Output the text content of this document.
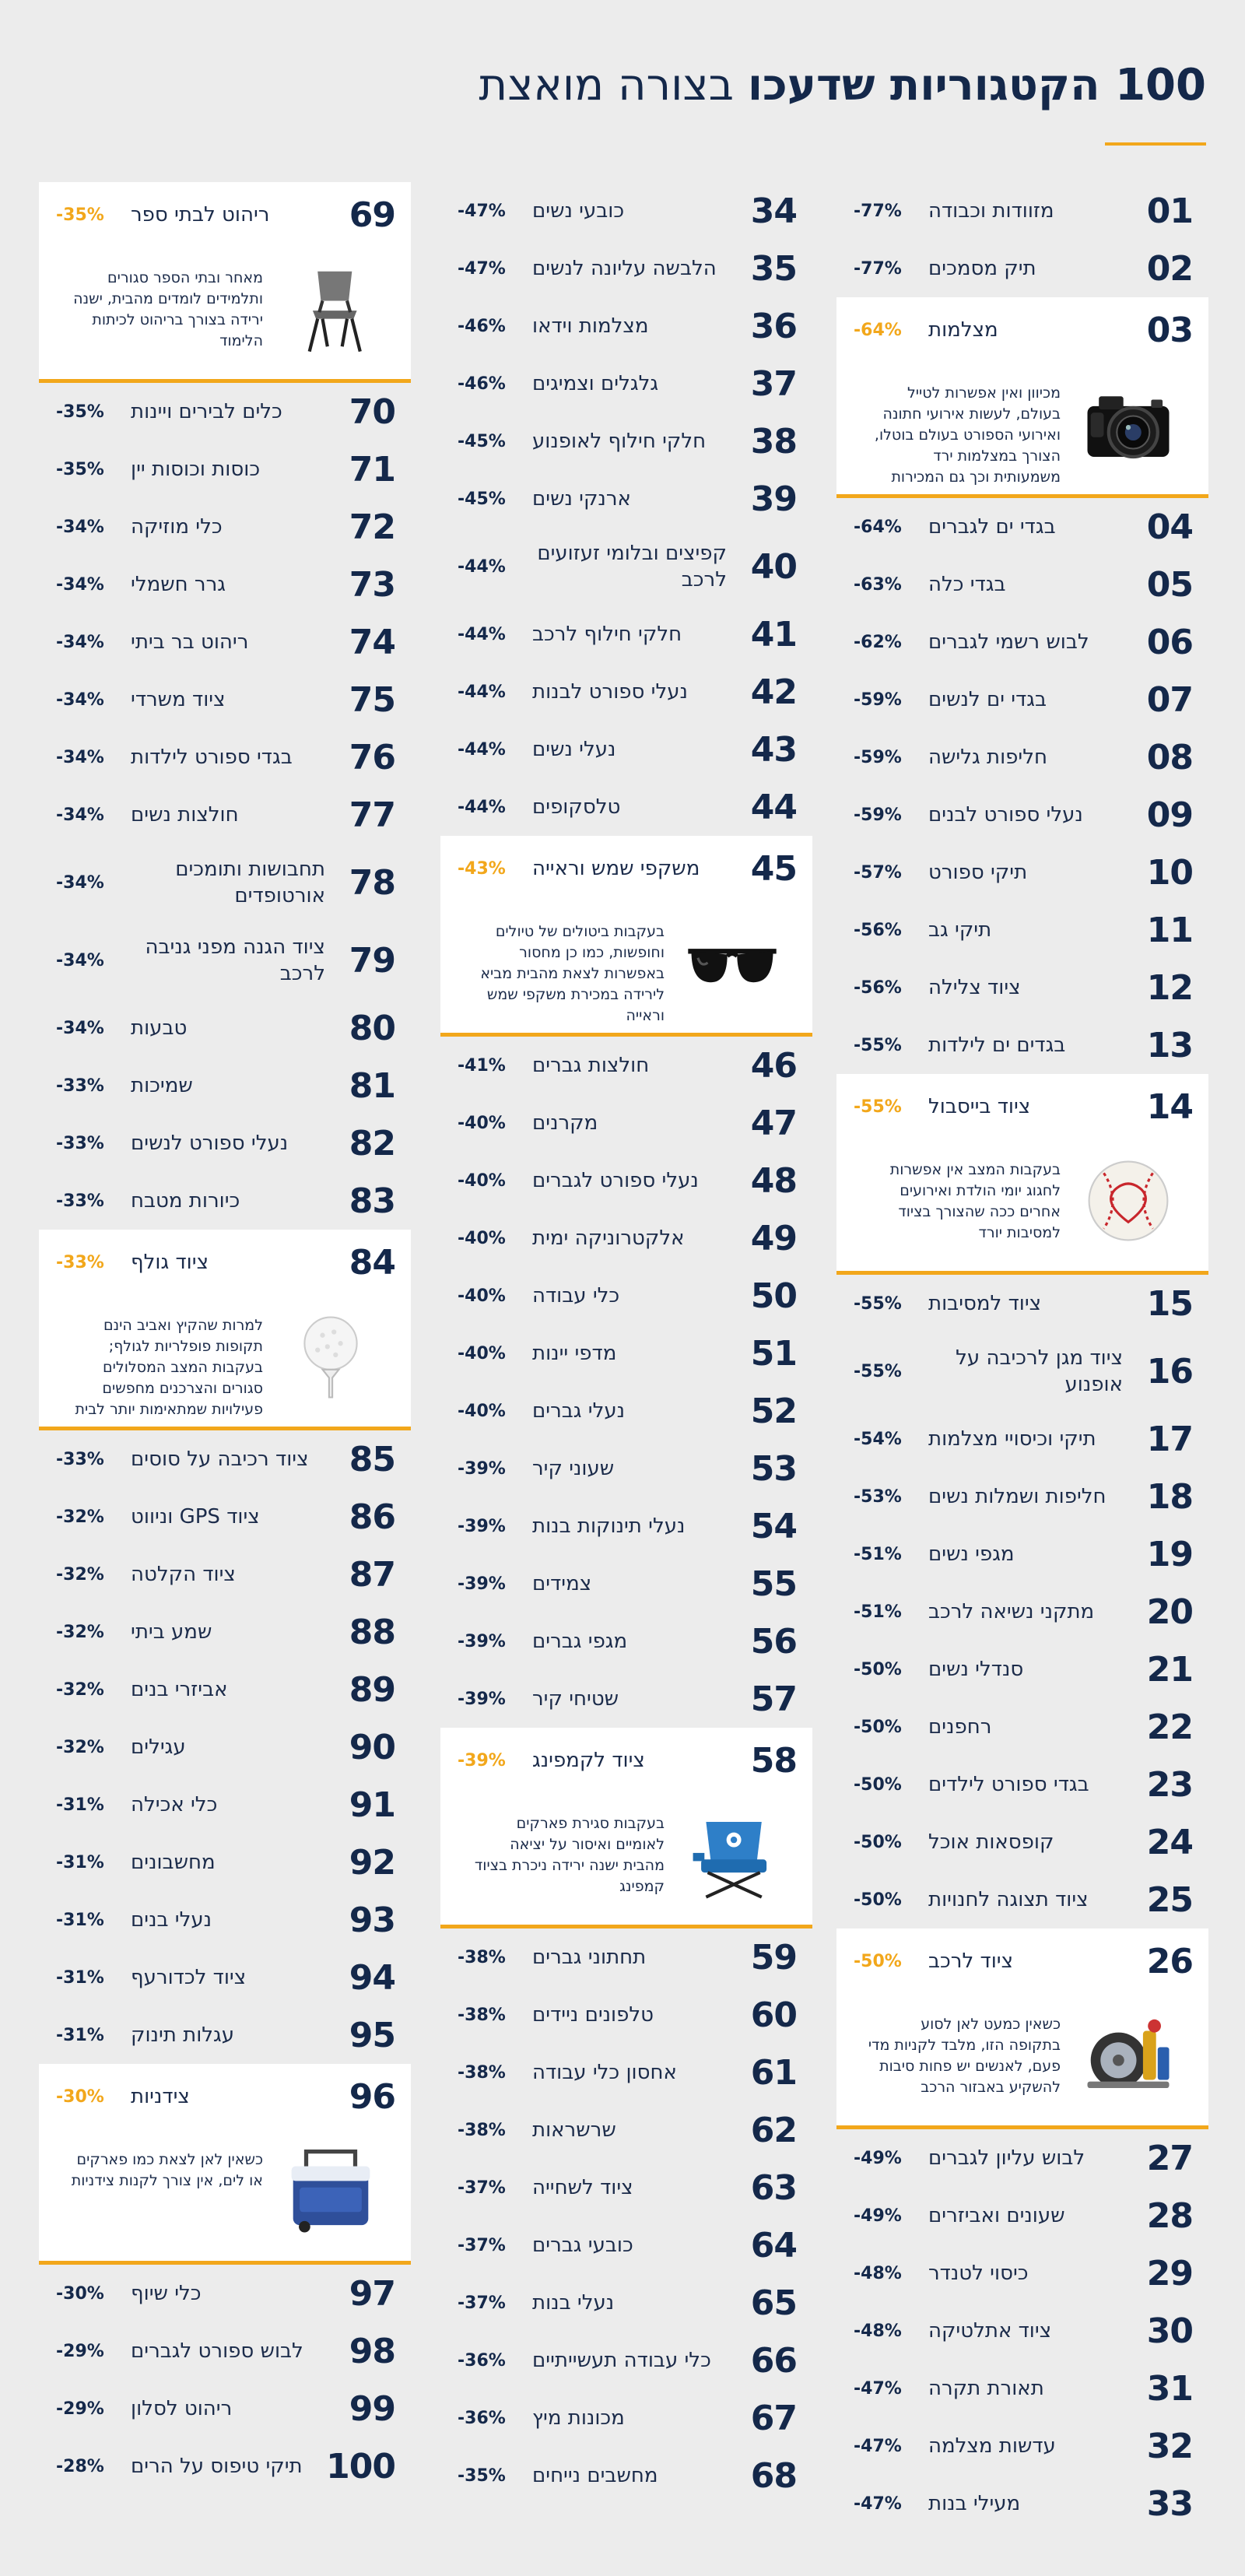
100 הקטגוריות שדעכו בצורה מואצת
01
מזוודות וכבודה
-77%
02
תיק מסמכים
-77%
03
מצלמות
-64%
מכיוון ואין אפשרות לטייל בעולם, לעשות אירועי חתונה ואירועי הספורט בעולם בוטלו, הצורך במצלמות ירד משמעותית וכך גם המכירות
04
בגדי ים לגברים
-64%
05
בגדי כלה
-63%
06
לבוש רשמי לגברים
-62%
07
בגדי ים לנשים
-59%
08
חליפות גלישה
-59%
09
נעלי ספורט לבנים
-59%
10
תיקי ספורט
-57%
11
תיקי גב
-56%
12
ציוד צלילה
-56%
13
בגדים ים לילדות
-55%
14
ציוד בייסבול
-55%
בעקבות המצב אין אפשרות לחגוג יומי הולדת ואירועים אחרים ככה שהצורך בציוד למסיבות יורד
15
ציוד למסיבות
-55%
16
ציוד מגן לרכיבה על אופנוע
-55%
17
תיקי וכיסויי מצלמות
-54%
18
חליפות ושמלות נשים
-53%
19
מגפי נשים
-51%
20
מתקני נשיאה לרכב
-51%
21
סנדלי נשים
-50%
22
רחפנים
-50%
23
בגדי ספורט לילדים
-50%
24
קופסאות אוכל
-50%
25
ציוד תצוגה לחנויות
-50%
26
ציוד לרכב
-50%
כשאין כמעט לאן לסוע בתקופה הזו, מלבד לקניות מדי פעם, לאנשים יש פחות סיבות להשקיע באבזור הרכב
27
לבוש עליון לגברים
-49%
28
שעונים ואביזרים
-49%
29
כיסוי לטנדר
-48%
30
ציוד אתלטיקה
-48%
31
תאורת תקרה
-47%
32
עדשות מצלמה
-47%
33
מעילי בנות
-47%
34
כובעי נשים
-47%
35
הלבשה עליונה לנשים
-47%
36
מצלמות וידאו
-46%
37
גלגלים וצמיגים
-46%
38
חלקי חילוף לאופנוע
-45%
39
ארנקי נשים
-45%
40
קפיצים ובלומי זעזועים לרכב
-44%
41
חלקי חילוף לרכב
-44%
42
נעלי ספורט לבנות
-44%
43
נעלי נשים
-44%
44
טלסקופים
-44%
45
משקפי שמש וראייה
-43%
בעקבות ביטולים של טיולים וחופשות, כמו כן מחסור באפשרות לצאת מהבית מביא לירידה במכירת משקפי שמש וראייה
46
חולצות גברים
-41%
47
מקרנים
-40%
48
נעלי ספורט לגברים
-40%
49
אלקטרוניקה ימית
-40%
50
כלי עבודה
-40%
51
מדפי יינות
-40%
52
נעלי גברים
-40%
53
שעוני קיר
-39%
54
נעלי תינוקות בנות
-39%
55
צמידים
-39%
56
מגפי גברים
-39%
57
שטיחי קיר
-39%
58
ציוד לקמפינג
-39%
בעקבות סגירת פארקים לאומיים ואיסור על יציאה מהבית ישנה ירידה ניכרת בציוד קמפינג
59
תחתוני גברים
-38%
60
טלפונים ניידים
-38%
61
אחסון כלי עבודה
-38%
62
שרשראות
-38%
63
ציוד לשחייה
-37%
64
כובעי גברים
-37%
65
נעלי בנות
-37%
66
כלי עבודה תעשייתיים
-36%
67
מכונות מיץ
-36%
68
מחשבים נייחים
-35%
69
ריהוט לבתי ספר
-35%
מאחר ובתי הספר סגורים ותלמידים לומדים מהבית, ישנה ירידה בצורך בריהוט לכיתות הלימוד
70
כלים לבירים ויינות
-35%
71
כוסות וכוסות יין
-35%
72
כלי מוזיקה
-34%
73
גרר חשמלי
-34%
74
ריהוט בר ביתי
-34%
75
ציוד משרדי
-34%
76
בגדי ספורט לילדות
-34%
77
חולצות נשים
-34%
78
תחבושות ותומכים אורטופדים
-34%
79
ציוד הגנה מפני גניבה לרכב
-34%
80
טבעות
-34%
81
שמיכות
-33%
82
נעלי ספורט לנשים
-33%
83
כיורות מטבח
-33%
84
ציוד גולף
-33%
למרות שהקיץ ואביב הינם תקופות פופלריות לגולף; בעקבות המצב המסלולים סגורים והצרכנים מחפשים פעילויות שמתאימות יותר לבית
85
ציוד רכיבה על סוסים
-33%
86
ציוד GPS וניווט
-32%
87
ציוד הקלטה
-32%
88
שמע ביתי
-32%
89
אביזרי בנים
-32%
90
עגילים
-32%
91
כלי אכילה
-31%
92
מחשבונים
-31%
93
נעלי בנים
-31%
94
ציוד לכדורעף
-31%
95
עגלות תינוק
-31%
96
צידניות
-30%
כשאין לאן לצאת כמו פארקים או לים, אין צורך לקנות צידניות
97
כלי שיוף
-30%
98
לבוש ספורט לגברים
-29%
99
ריהוט לסלון
-29%
100
תיקי טיפוס על הרים
-28%
